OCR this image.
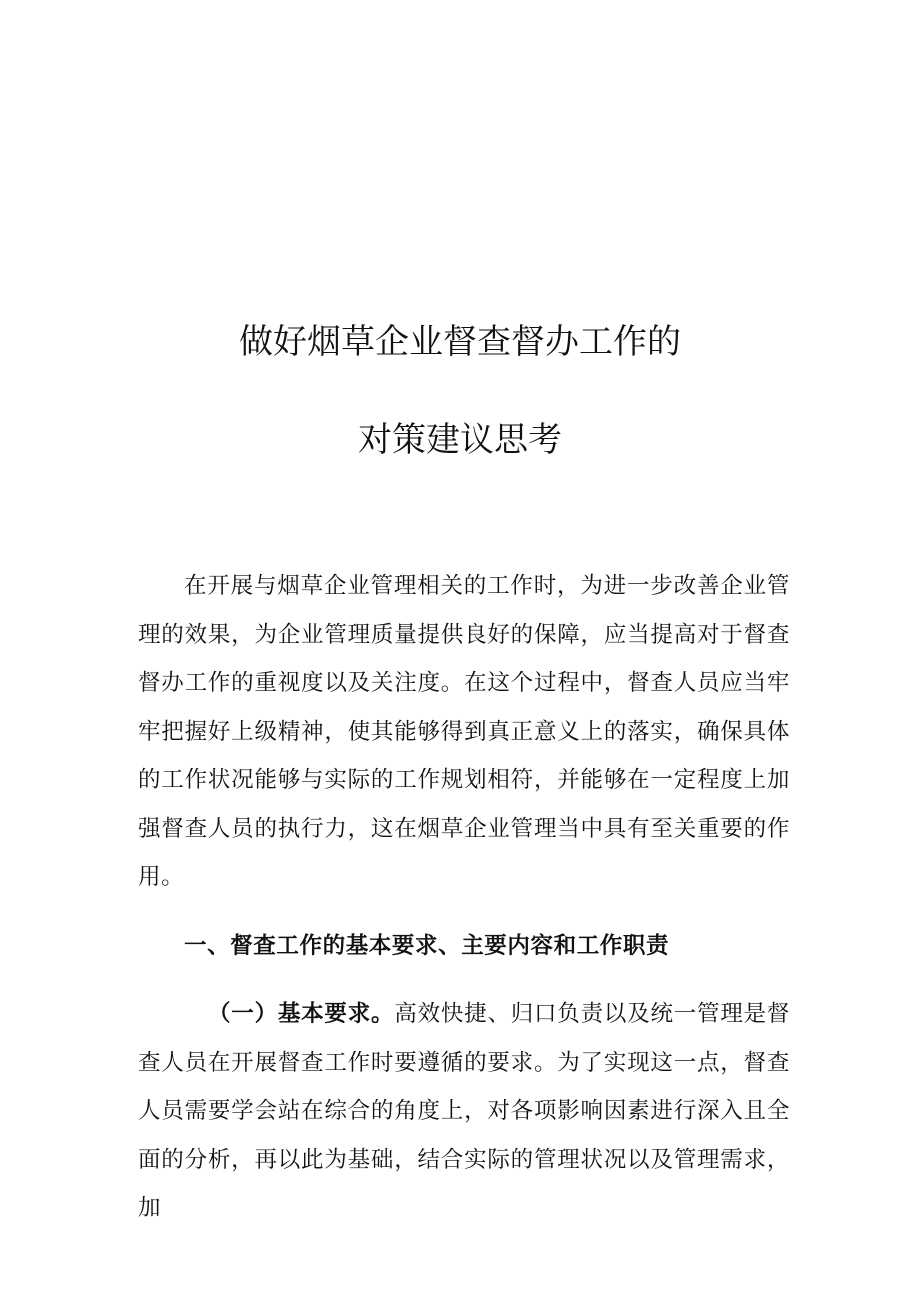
做好烟草企业督查督办工作的
对策建议思考

在开展与烟草企业管理相关的工作时，为进一步改善企业管理的效果，为企业管理质量提供良好的保障，应当提高对于督查督办工作的重视度以及关注度。在这个过程中，督查人员应当牢牢把握好上级精神，使其能够得到真正意义上的落实，确保具体的工作状况能够与实际的工作规划相符，并能够在一定程度上加强督查人员的执行力，这在烟草企业管理当中具有至关重要的作用。

一、督查工作的基本要求、主要内容和工作职责

（一）基本要求。高效快捷、归口负责以及统一管理是督查人员在开展督查工作时要遵循的要求。为了实现这一点，督查人员需要学会站在综合的角度上，对各项影响因素进行深入且全面的分析，再以此为基础，结合实际的管理状况以及管理需求，加
